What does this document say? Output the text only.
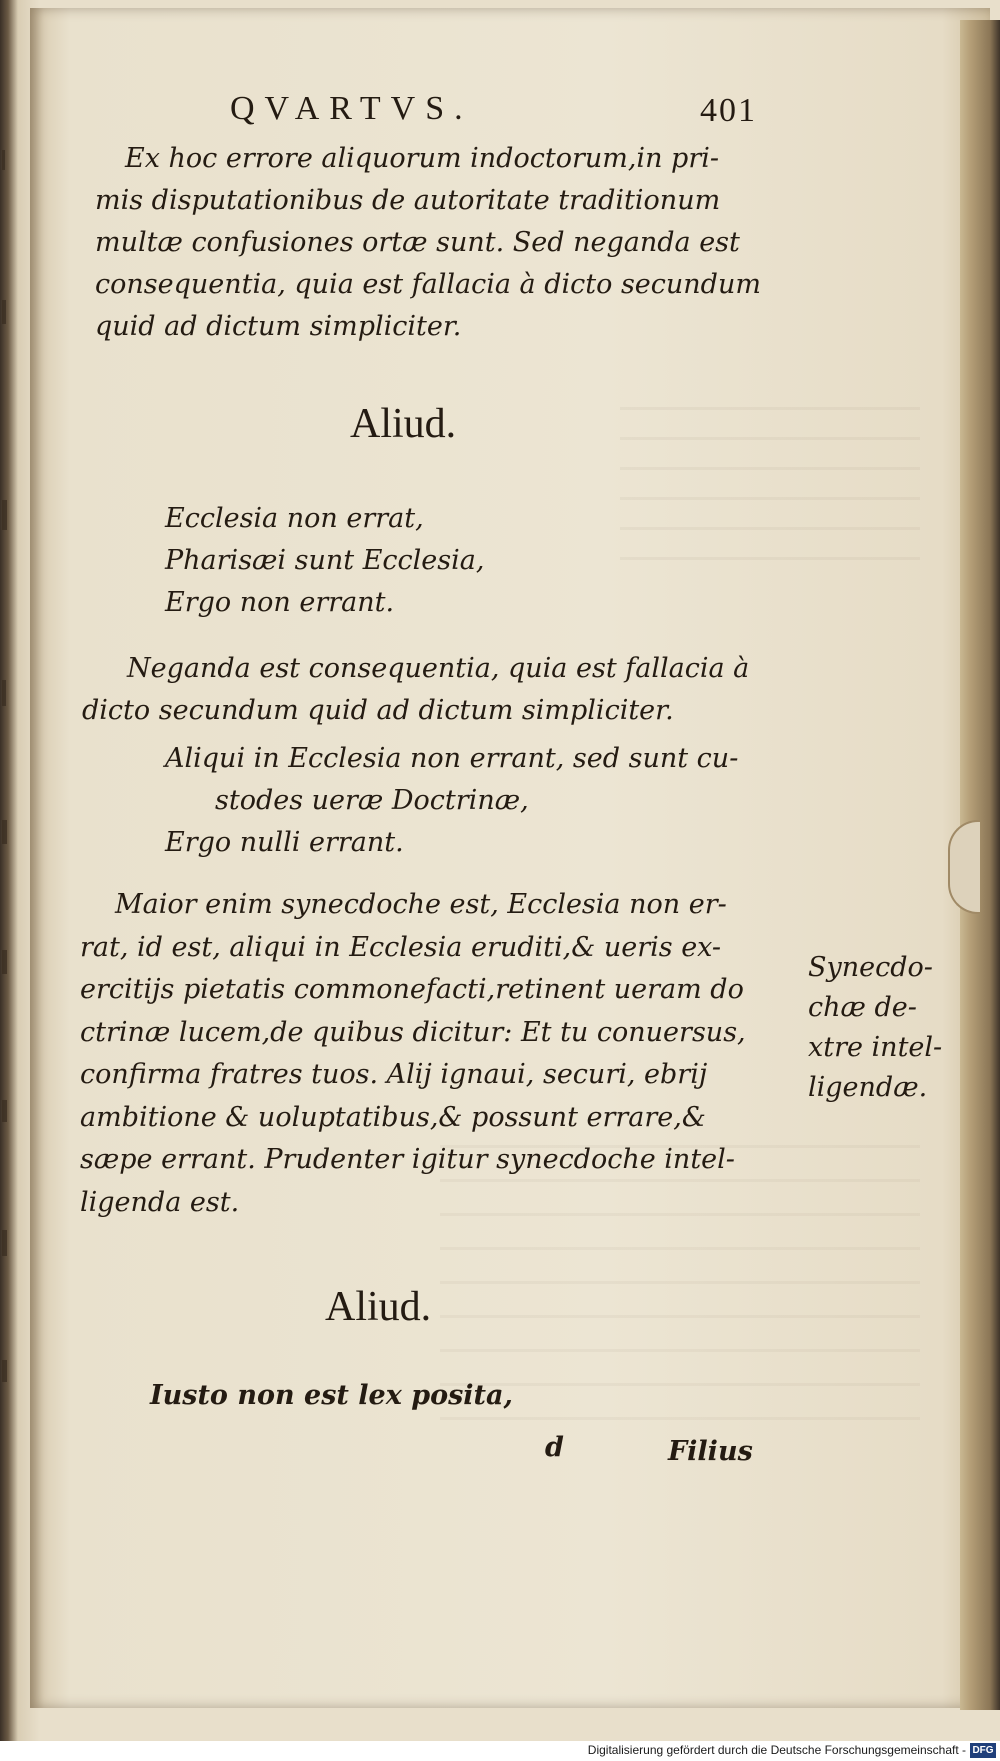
QVARTVS.	401
Ex hoc errore aliquorum indoctorum,in pri-
mis disputationibus de autoritate traditionum
multæ confusiones ortæ sunt. Sed neganda est
consequentia, quia est fallacia à dicto secundum
quid ad dictum simpliciter.
Aliud.
Ecclesia non errat,
Pharisæi sunt Ecclesia,
Ergo non errant.
Neganda est consequentia, quia est fallacia à
dicto secundum quid ad dictum simpliciter.
Aliqui in Ecclesia non errant, sed sunt cu-
stodes ueræ Doctrinæ,
Ergo nulli errant.
Maior enim synecdoche est, Ecclesia non er-
rat, id est, aliqui in Ecclesia eruditi,& ueris ex-
ercitijs pietatis commonefacti,retinent ueram do
ctrinæ lucem,de quibus dicitur: Et tu conuersus,
confirma fratres tuos. Alij ignaui, securi, ebrij
ambitione & uoluptatibus,& possunt errare,&
sæpe errant. Prudenter igitur synecdoche intel-
ligenda est.
Synecdo-
chæ de-
xtre intel-
ligendæ.
Aliud.
Iusto non est lex posita,
d	Filius
Digitalisierung gefördert durch die Deutsche Forschungsgemeinschaft - DFG
